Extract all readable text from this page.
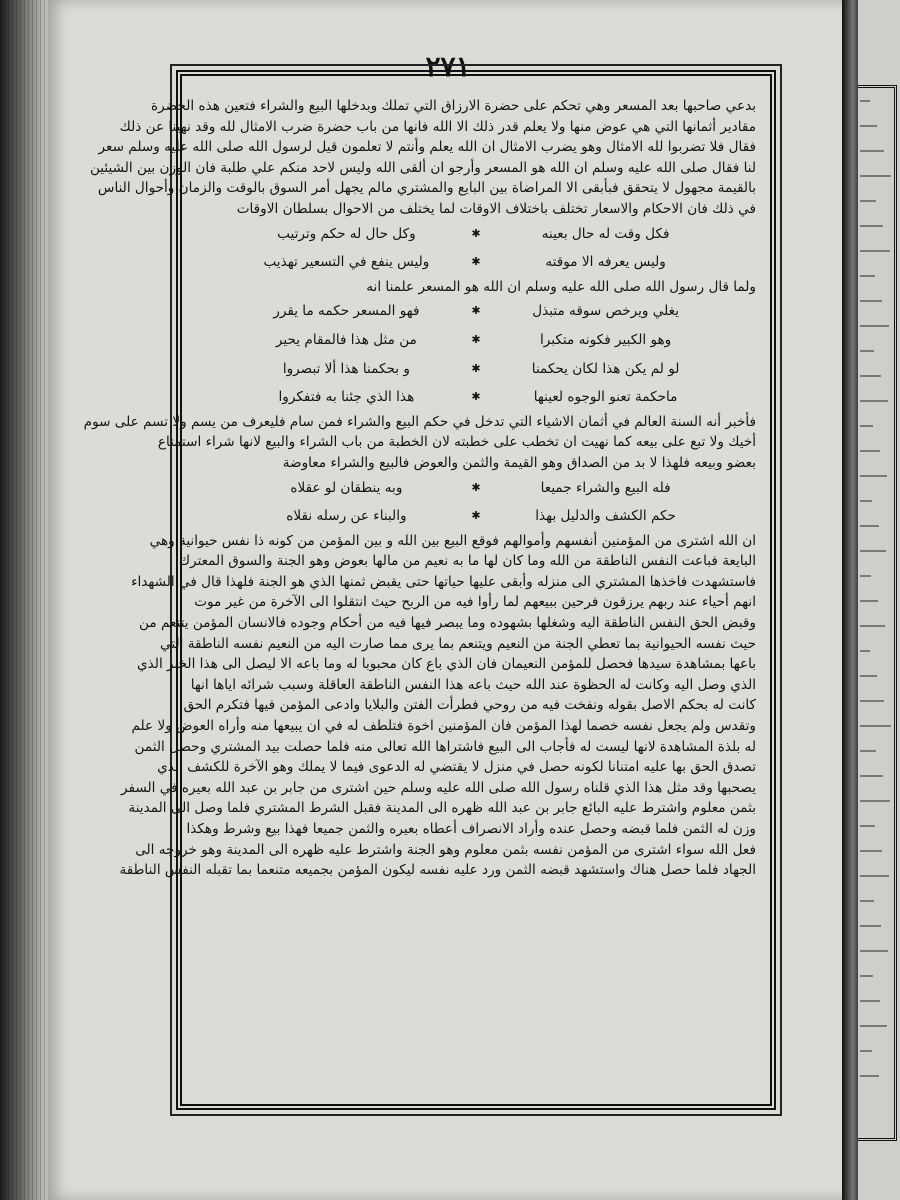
٢٧١
بدعي صاحبها بعد المسعر وهي تحكم على حضرة الارزاق التي تملك وبدخلها البيع والشراء فتعين هذه الحضرة
مقادير أثمانها التي هي عوض منها ولا يعلم قدر ذلك الا الله فانها من باب حضرة ضرب الامثال لله وقد نهينا عن ذلك
فقال فلا تضربوا لله الامثال وهو يضرب الامثال ان الله يعلم وأنتم لا تعلمون قيل لرسول الله صلى الله عليه وسلم سعر
لنا فقال صلى الله عليه وسلم ان الله هو المسعر وأرجو ان ألقى الله وليس لاحد منكم علي طلبة فان الوزن بين الشيئين
بالقيمة مجهول لا يتحقق فبأبقى الا المراضاة بين البايع والمشتري مالم يجهل أمر السوق بالوقت والزمان وأحوال الناس
في ذلك فان الاحكام والاسعار تختلف باختلاف الاوقات لما يختلف من الاحوال بسلطان الاوقات
فكل وقت له حال بعينه
✱
وكل حال له حكم وترتيب
وليس يعرفه الا موقته
✱
وليس ينفع في التسعير تهذيب
ولما قال رسول الله صلى الله عليه وسلم ان الله هو المسعر علمنا انه
يغلي ويرخص سوقه متبذل
✱
فهو المسعر حكمه ما يقرر
وهو الكبير فكونه متكبرا
✱
من مثل هذا فالمقام يحير
لو لم يكن هذا لكان يحكمنا
✱
و بحكمنا هذا ألا تبصروا
ماحكمة تعنو الوجوه لعينها
✱
هذا الذي جئنا به فتفكروا
فأخبر أنه السنة العالم في أثمان الاشياء التي تدخل في حكم البيع والشراء فمن سام فليعرف من يسم ولا تسم على سوم
أخيك ولا تبع على بيعه كما نهيت ان تخطب على خطبته لان الخطبة من باب الشراء والبيع لانها شراء استمتاع
بعضو وبيعه فلهذا لا بد من الصداق وهو القيمة والثمن والعوض فالبيع والشراء معاوضة
فله البيع والشراء جميعا
✱
وبه ينطقان لو عقلاه
حكم الكشف والدليل بهذا
✱
والبناء عن رسله نقلاه
ان الله اشترى من المؤمنين أنفسهم وأموالهم فوقع البيع بين الله و بين المؤمن من كونه ذا نفس حيوانية وهي
البايعة فباعت النفس الناطقة من الله وما كان لها ما به نعيم من مالها بعوض وهو الجنة والسوق المعترك
فاستشهدت فاخذها المشتري الى منزله وأبقى عليها حياتها حتى يقبض ثمنها الذي هو الجنة فلهذا قال في الشهداء
انهم أحياء عند ربهم يرزقون فرحين ببيعهم لما رأوا فيه من الربح حيث انتقلوا الى الآخرة من غير موت
وقبض الحق النفس الناطقة اليه وشغلها بشهوده وما يبصر فيها فيه من أحكام وجوده فالانسان المؤمن يتنعم من
حيث نفسه الحيوانية بما تعطي الجنة من النعيم ويتنعم بما يرى مما صارت اليه من النعيم نفسه الناطقة التي
باعها بمشاهدة سيدها فحصل للمؤمن النعيمان فان الذي باع كان محبوبا له وما باعه الا ليصل الى هذا الخبر الذي
الذي وصل اليه وكانت له الحظوة عند الله حيث باعه هذا النفس الناطقة العاقلة وسبب شرائه اياها انها
كانت له بحكم الاصل بقوله ونفخت فيه من روحي فطرأت الفتن والبلايا وادعى المؤمن فيها فتكرم الحق
وتقدس ولم يجعل نفسه خصما لهذا المؤمن فان المؤمنين اخوة فتلطف له في ان يبيعها منه وأراه العوض ولا علم
له بلذة المشاهدة لانها ليست له فأجاب الى البيع فاشتراها الله تعالى منه فلما حصلت بيد المشتري وحصل الثمن
تصدق الحق بها عليه امتنانا لكونه حصل في منزل لا يقتضي له الدعوى فيما لا يملك وهو الآخرة للكشف الذي
يصحبها وقد مثل هذا الذي قلناه رسول الله صلى الله عليه وسلم حين اشترى من جابر بن عبد الله بعيره في السفر
بثمن معلوم واشترط عليه البائع جابر بن عبد الله ظهره الى المدينة فقبل الشرط المشتري فلما وصل الى المدينة
وزن له الثمن فلما قبضه وحصل عنده وأراد الانصراف أعطاه بعيره والثمن جميعا فهذا بيع وشرط وهكذا
فعل الله سواء اشترى من المؤمن نفسه بثمن معلوم وهو الجنة واشترط عليه ظهره الى المدينة وهو خروجه الى
الجهاد فلما حصل هناك واستشهد قبضه الثمن ورد عليه نفسه ليكون المؤمن بجميعه متنعما بما تقبله النفس الناطقة
